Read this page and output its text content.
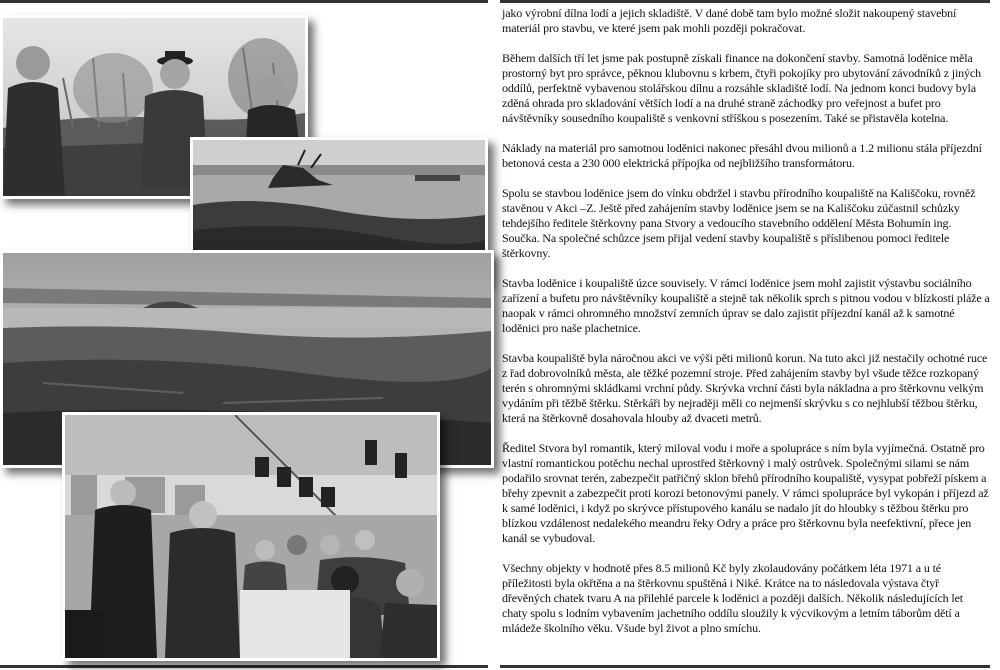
jako výrobní dílna lodí a jejich skladiště. V dané době tam bylo možné složit nakoupený stavební materiál pro stavbu, ve které jsem pak mohli později pokračovat.

Během dalších tří let jsme pak postupně získali finance na dokončení stavby. Samotná loděnice měla prostorný byt pro správce, pěknou klubovnu s krbem, čtyři pokojíky pro ubytování závodníků z jiných oddílů, perfektně vybavenou stolářskou dílnu a rozsáhle skladiště lodí. Na jednom konci budovy byla zděná ohrada pro skladování větších lodí a na druhé straně záchodky pro veřejnost a bufet pro návštěvníky sousedního koupaliště s venkovní stříškou s posezením. Také se přistavěla kotelna.

Náklady na materiál pro samotnou loděnici nakonec přesáhl dvou milionů a 1.2 milionu stála příjezdní betonová cesta a 230 000 elektrická přípojka od nejbližšího transformátoru.

Spolu se stavbou loděnice jsem do vínku obdržel i stavbu přírodního koupaliště na Kališčoku, rovněž stavěnou v Akci –Z. Ještě před zahájením stavby loděnice jsem se na Kališčoku zúčastnil schůzky tehdejšího ředitele štěrkovny pana Stvory a vedoucího stavebního oddělení Města Bohumín ing. Součka. Na společné schůzce jsem přijal vedení stavby koupaliště s příslibenou pomoci ředitele štěrkovny.

Stavba loděnice i koupaliště úzce souvisely. V rámci loděnice jsem mohl zajistit výstavbu sociálního zařízení a bufetu pro návštěvníky koupaliště a stejně tak několik sprch s pitnou vodou v blízkosti pláže a naopak v rámci ohromného množství zemních úprav se dalo zajistit příjezdní kanál až k samotné loděnici pro naše plachetnice.

Stavba koupaliště byla náročnou akci ve výši pěti milionů korun. Na tuto akci již nestačily ochotné ruce z řad dobrovolníků města, ale těžké pozemní stroje. Před zahájením stavby byl všude těžce rozkopaný terén s ohromnými skládkami vrchní půdy. Skrývka vrchní části byla nákladna a pro štěrkovnu velkým vydáním při těžbě štěrku. Stěrkáři by nejraději měli co nejmenší skrývku s co nejhlubší těžbou štěrku, která na štěrkovně dosahovala hlouby až dvaceti metrů.

Ředitel Stvora byl romantik, který miloval vodu i moře a spolupráce s ním byla vyjímečná. Ostatně pro vlastní romantickou potěchu nechal uprostřed štěrkovný i malý ostrůvek. Společnými silami se nám podařilo srovnat terén, zabezpečit patřičný sklon břehů přírodního koupaliště, vysypat pobřeží pískem a břehy zpevnit a zabezpečit proti korozi betonovými panely. V rámci spolupráce byl vykopán i příjezd až k samé loděnici, i když po skrývce přístupového kanálu se nadalo jít do hloubky s těžbou štěrku pro blízkou vzdálenost nedalekého meandru řeky Odry a práce pro štěrkovnu byla neefektivní, přece jen kanál se vybudoval.

Všechny objekty v hodnotě přes 8.5 milionů Kč byly zkolaudovány počátkem léta 1971 a u té příležitosti byla okřtěna a na štěrkovnu spuštěná i Niké. Krátce na to následovala výstava čtyř dřevěných chatek tvaru A na přilehlé parcele k loděnici a později dalších. Několik následujících let chaty spolu s lodním vybavením jachetního oddílu sloužily k výcvikovým a letním táborům dětí a mládeže školního věku. Všude byl život a plno smíchu.
